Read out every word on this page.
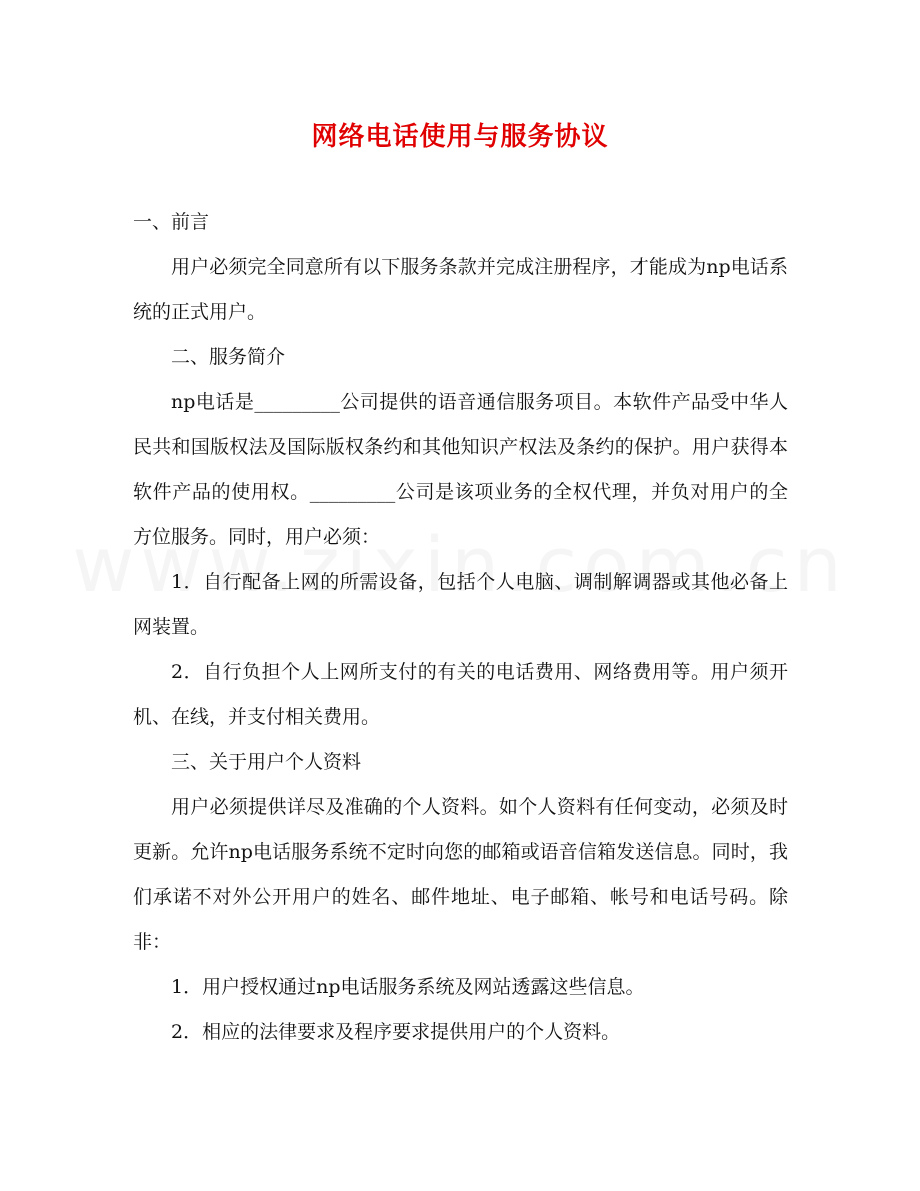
网络电话使用与服务协议

一、前言

用户必须完全同意所有以下服务条款并完成注册程序，才能成为np电话系统的正式用户。

二、服务简介

np电话是_________公司提供的语音通信服务项目。本软件产品受中华人民共和国版权法及国际版权条约和其他知识产权法及条约的保护。用户获得本软件产品的使用权。_________公司是该项业务的全权代理，并负对用户的全方位服务。同时，用户必须：

1．自行配备上网的所需设备，包括个人电脑、调制解调器或其他必备上网装置。

2．自行负担个人上网所支付的有关的电话费用、网络费用等。用户须开机、在线，并支付相关费用。

三、关于用户个人资料

用户必须提供详尽及准确的个人资料。如个人资料有任何变动，必须及时更新。允许np电话服务系统不定时向您的邮箱或语音信箱发送信息。同时，我们承诺不对外公开用户的姓名、邮件地址、电子邮箱、帐号和电话号码。除非：

1．用户授权通过np电话服务系统及网站透露这些信息。

2．相应的法律要求及程序要求提供用户的个人资料。
